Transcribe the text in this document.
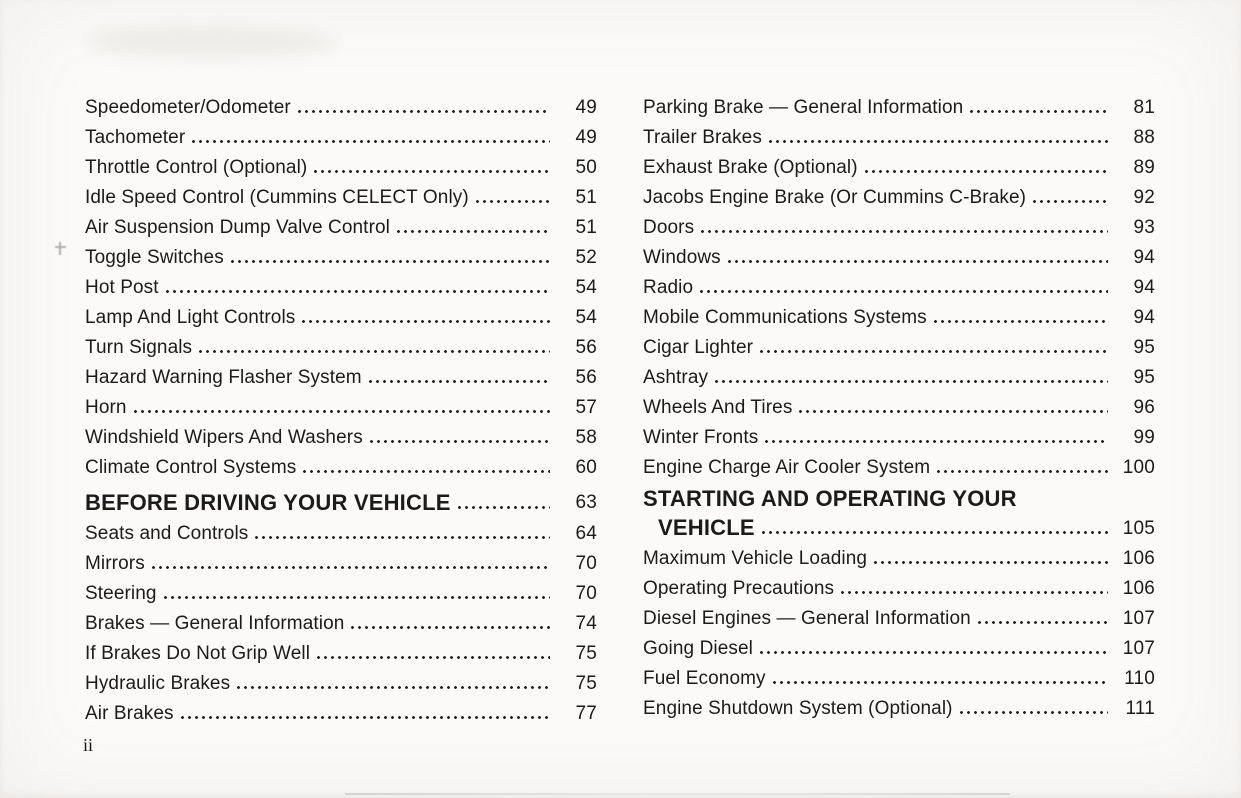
Speedometer/Odometer	49
Tachometer	49
Throttle Control (Optional)	50
Idle Speed Control (Cummins CELECT Only)	51
Air Suspension Dump Valve Control	51
Toggle Switches	52
Hot Post	54
Lamp And Light Controls	54
Turn Signals	56
Hazard Warning Flasher System	56
Horn	57
Windshield Wipers And Washers	58
Climate Control Systems	60
BEFORE DRIVING YOUR VEHICLE	63
Seats and Controls	64
Mirrors	70
Steering	70
Brakes — General Information	74
If Brakes Do Not Grip Well	75
Hydraulic Brakes	75
Air Brakes	77
Parking Brake — General Information	81
Trailer Brakes	88
Exhaust Brake (Optional)	89
Jacobs Engine Brake (Or Cummins C-Brake)	92
Doors	93
Windows	94
Radio	94
Mobile Communications Systems	94
Cigar Lighter	95
Ashtray	95
Wheels And Tires	96
Winter Fronts	99
Engine Charge Air Cooler System	100
STARTING AND OPERATING YOUR
VEHICLE	105
Maximum Vehicle Loading	106
Operating Precautions	106
Diesel Engines — General Information	107
Going Diesel	107
Fuel Economy	110
Engine Shutdown System (Optional)	111
ii
